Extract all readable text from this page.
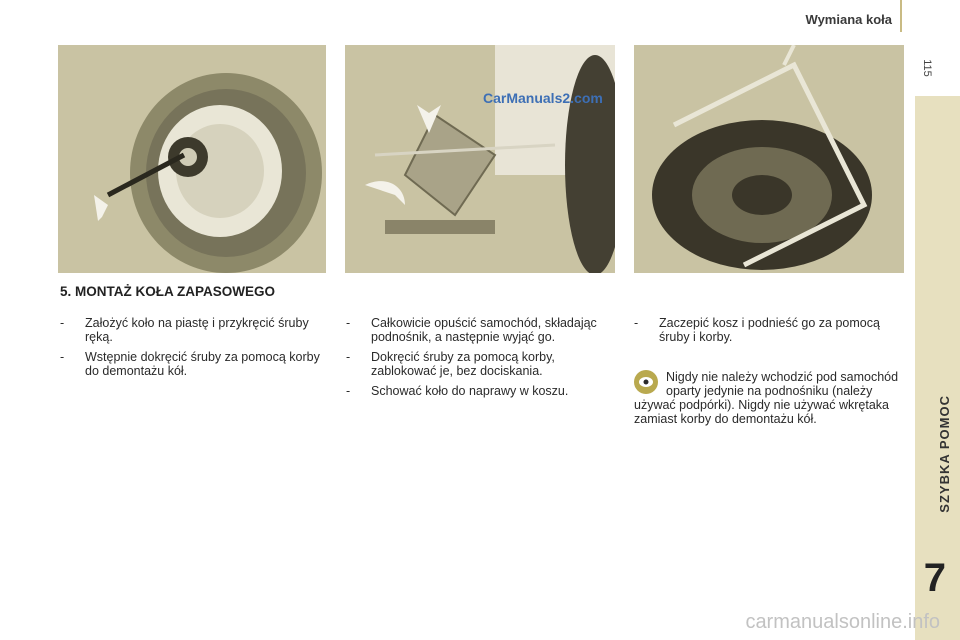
Wymiana koła
115
SZYBKA POMOC
7
5. MONTAŻ KOŁA ZAPASOWEGO
- Założyć koło na piastę i przykręcić śruby ręką.
- Wstępnie dokręcić śruby za pomocą korby do demontażu kół.
- Całkowicie opuścić samochód, składając podnośnik, a następnie wyjąć go.
- Dokręcić śruby za pomocą korby, zablokować je, bez dociskania.
- Schować koło do naprawy w koszu.
- Zaczepić kosz i podnieść go za pomocą śruby i korby.
Nigdy nie należy wchodzić pod samochód oparty jedynie na podnośniku (należy używać podpórki). Nigdy nie używać wkrętaka zamiast korby do demontażu kół.
CarManuals2.com
carmanualsonline.info
